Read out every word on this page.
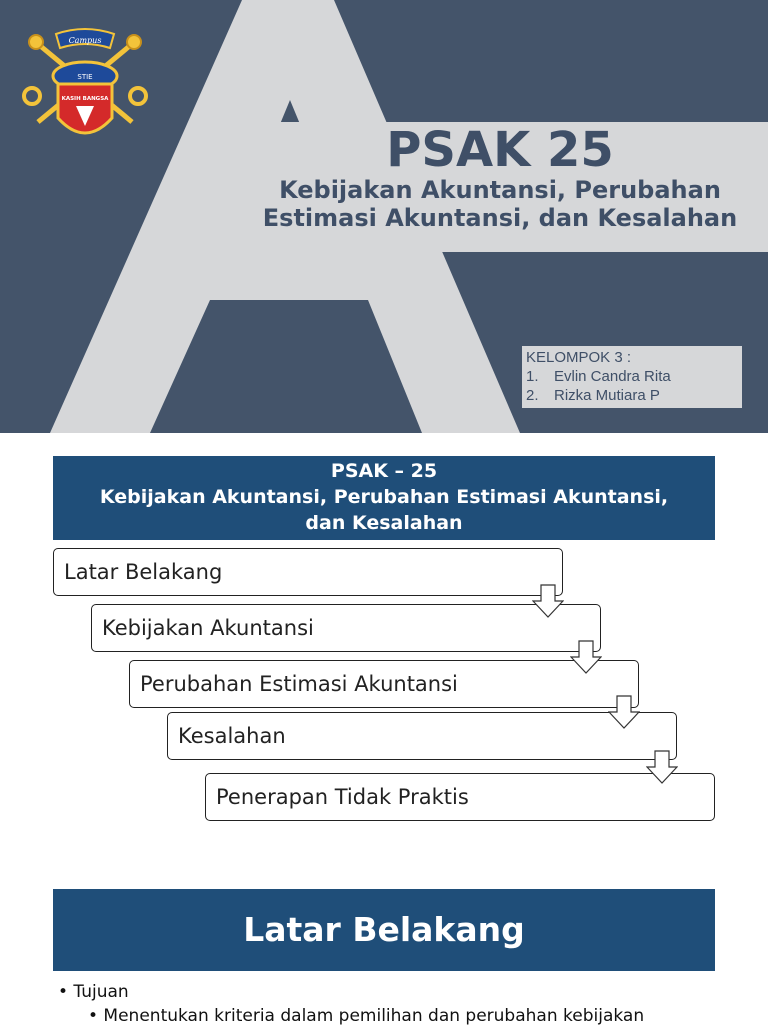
Campus
STIE
KASIH BANGSA
PSAK 25
Kebijakan Akuntansi, Perubahan
Estimasi Akuntansi, dan Kesalahan
KELOMPOK 3 :
1. Evlin Candra Rita
2. Rizka Mutiara P
PSAK – 25
Kebijakan Akuntansi, Perubahan Estimasi Akuntansi,
dan Kesalahan
Latar Belakang
Kebijakan Akuntansi
Perubahan Estimasi Akuntansi
Kesalahan
Penerapan Tidak Praktis
Latar Belakang
• Tujuan
• Menentukan kriteria dalam pemilihan dan perubahan kebijakan
